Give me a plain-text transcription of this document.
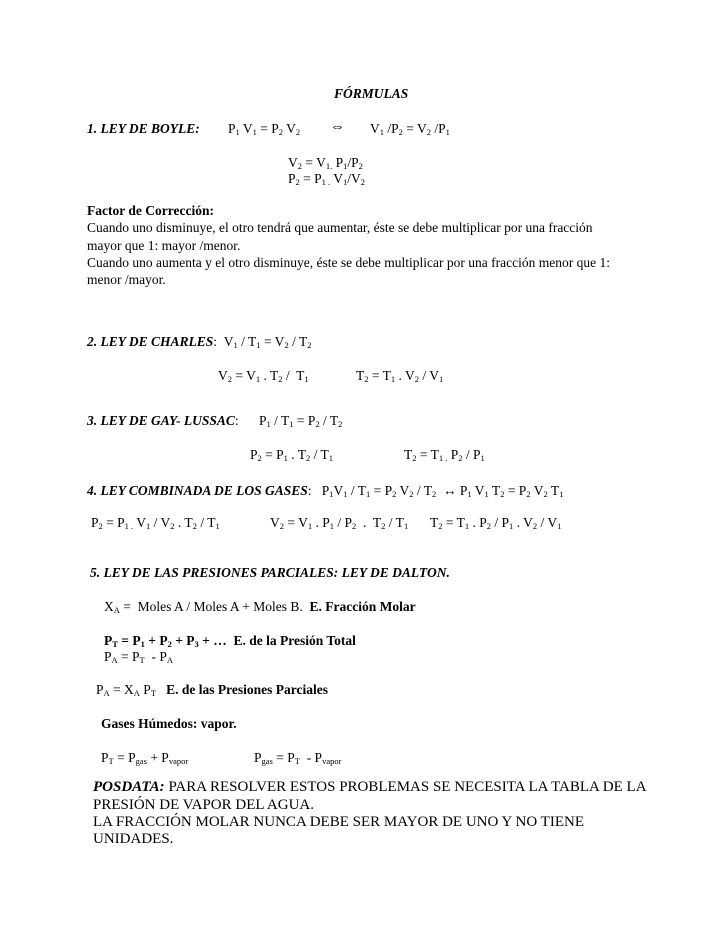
FÓRMULAS
1. LEY DE BOYLE: $P_1$ $V_1 = P_2$ $V_2$ ⇔ $V_1$ $/P_2 = V_2$ $/P_1$
$V_2 = V_{1.}$ $P_1/P_2$
$P_2 = P_{1 .}$ $V_1/V_2$
Factor de Corrección:
Cuando uno disminuye, el otro tendrá que aumentar, éste se debe multiplicar por una fracción
mayor que 1: mayor /menor.
Cuando uno aumenta y el otro disminuye, éste se debe multiplicar por una fracción menor que 1:
menor /mayor.
2. LEY DE CHARLES:  $V_1 / T_1 = V_2 / T_2$
$V_2 = V_1$ . $T_2 / T_1$	$T_2 = T_1$ . $V_2 / V_1$
3. LEY DE GAY- LUSSAC:      $P_1 / T_1 = P_2 / T_2$
$P_2 = P_1$ . $T_2 / T_1$	$T_2 = T_{1 .}$ $P_2 / P_1$
4. LEY COMBINADA DE LOS GASES:   $P_1V_1 / T_1 = P_2$ $V_2 / T_2$ ↔ $P_1$ $V_1$ $T_2 = P_2$ $V_2$ $T_1$
$P_2 = P_{1 .}$ $V_1 / V_2$ . $T_2 / T_1$	$V_2 = V_1$ . $P_1 / P_2$  .  $T_2 / T_1$ $T_2 = T_1$ . $P_2 / P_1$ . $V_2 / V_1$
5. LEY DE LAS PRESIONES PARCIALES: LEY DE DALTON.
$X_A$ =  Moles A / Moles A + Moles B. E. Fracción Molar
$P_T = P_1 + P_2 + P_3$ + … E. de la Presión Total
$P_A = P_T - P_A$
$P_A = X_A$ $P_T$ E. de las Presiones Parciales
Gases Húmedos: vapor.
$P_T = P_{gas} + P_{vapor}$	$P_{gas} = P_T - P_{vapor}$
POSDATA: PARA RESOLVER ESTOS PROBLEMAS SE NECESITA LA TABLA DE LA
PRESIÓN DE VAPOR DEL AGUA.
LA FRACCIÓN MOLAR NUNCA DEBE SER MAYOR DE UNO Y NO TIENE
UNIDADES.
